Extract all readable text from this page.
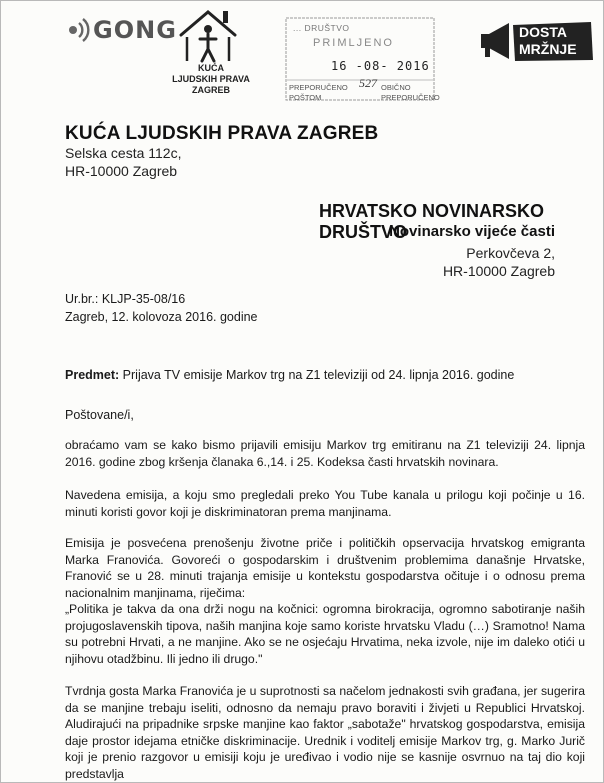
GONG
KUĆA
LJUDSKIH PRAVA
ZAGREB
... DRUŠTVO
PRIMLJENO
16 -08- 2016
527
PREPORUČENO
POŠTOM
OBIČNO
PREPORUČENO
DOSTA
MRŽNJE
KUĆA LJUDSKIH PRAVA ZAGREB
Selska cesta 112c,
HR-10000 Zagreb
HRVATSKO NOVINARSKO DRUŠTVO
Novinarsko vijeće časti
Perkovčeva 2,
HR-10000 Zagreb
Ur.br.: KLJP-35-08/16
Zagreb, 12. kolovoza 2016. godine
Predmet: Prijava TV emisije Markov trg na Z1 televiziji od 24. lipnja 2016. godine
Poštovane/i,
obraćamo vam se kako bismo prijavili emisiju Markov trg emitiranu na Z1 televiziji 24. lipnja 2016. godine zbog kršenja članaka 6.,14. i 25. Kodeksa časti hrvatskih novinara.
Navedena emisija, a koju smo pregledali preko You Tube kanala u prilogu koji počinje u 16. minuti koristi govor koji je diskriminatoran prema manjinama.
Emisija je posvećena prenošenju životne priče i političkih opservacija hrvatskog emigranta Marka Franovića. Govoreći o gospodarskim i društvenim problemima današnje Hrvatske, Franović se u 28. minuti trajanja emisije u kontekstu gospodarstva očituje i o odnosu prema nacionalnim manjinama, riječima:
„Politika je takva da ona drži nogu na kočnici: ogromna birokracija, ogromno sabotiranje naših projugoslavenskih tipova, naših manjina koje samo koriste hrvatsku Vladu (…) Sramotno! Nama su potrebni Hrvati, a ne manjine. Ako se ne osjećaju Hrvatima, neka izvole, nije im daleko otići u njihovu otadžbinu. Ili jedno ili drugo."
Tvrdnja gosta Marka Franovića je u suprotnosti sa načelom jednakosti svih građana, jer sugerira da se manjine trebaju iseliti, odnosno da nemaju pravo boraviti i živjeti u Republici Hrvatskoj. Aludirajući na pripadnike srpske manjine kao faktor „sabotaže" hrvatskog gospodarstva, emisija daje prostor idejama etničke diskriminacije. Urednik i voditelj emisije Markov trg, g. Marko Jurič koji je prenio razgovor u emisiji koju je uređivao i vodio nije se kasnije osvrnuo na taj dio koji predstavlja
